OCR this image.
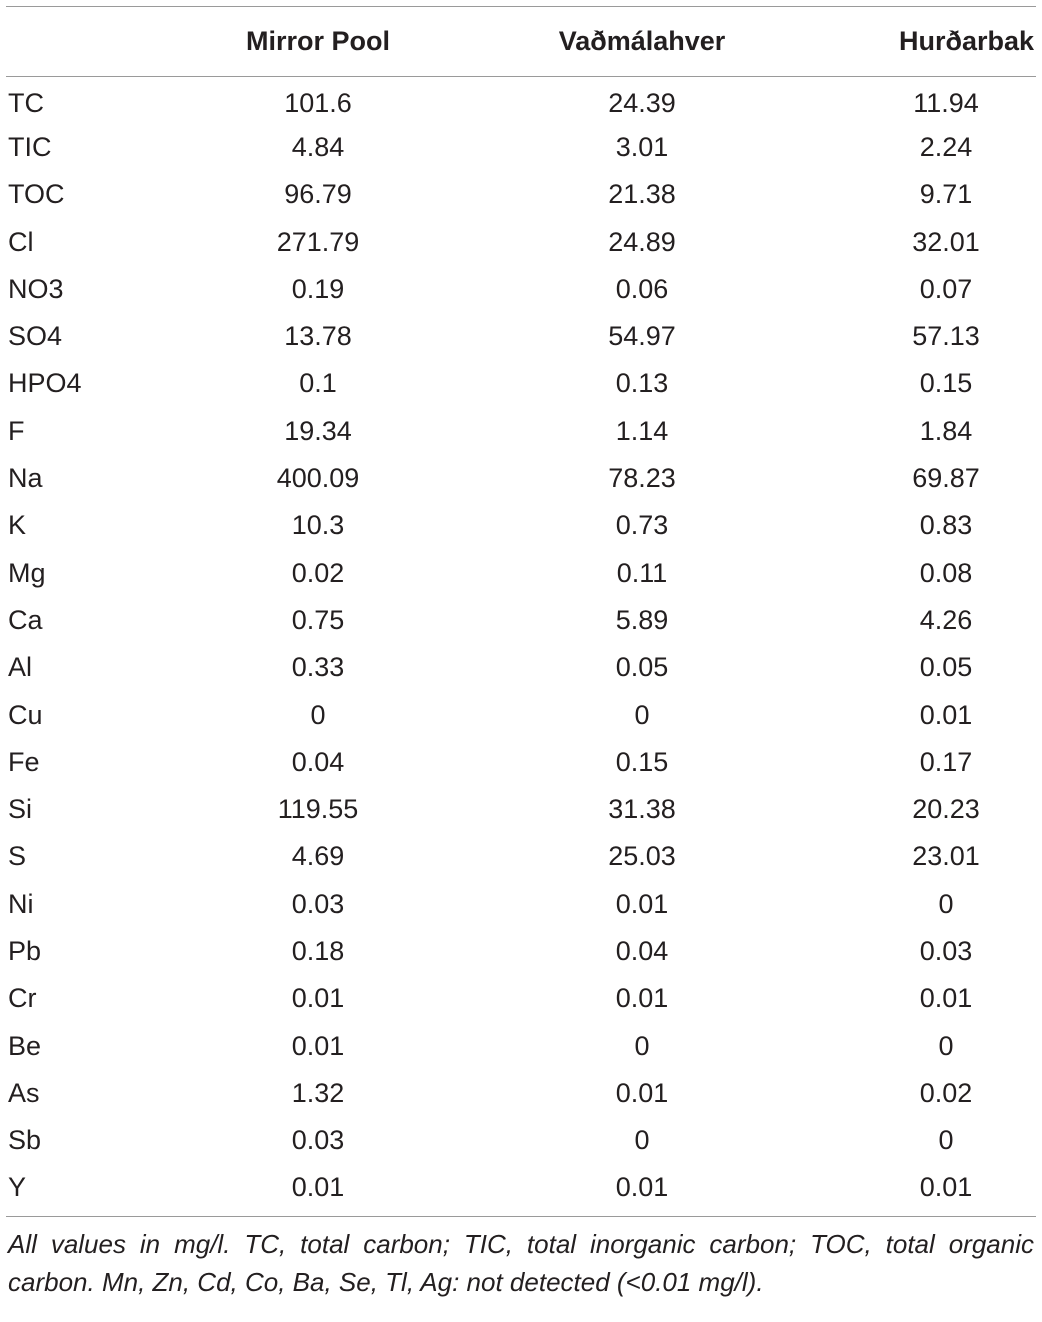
	Mirror Pool	Vaðmálahver	Hurðarbak
TC	101.6	24.39	11.94
TIC	4.84	3.01	2.24
TOC	96.79	21.38	9.71
Cl	271.79	24.89	32.01
NO3	0.19	0.06	0.07
SO4	13.78	54.97	57.13
HPO4	0.1	0.13	0.15
F	19.34	1.14	1.84
Na	400.09	78.23	69.87
K	10.3	0.73	0.83
Mg	0.02	0.11	0.08
Ca	0.75	5.89	4.26
Al	0.33	0.05	0.05
Cu	0	0	0.01
Fe	0.04	0.15	0.17
Si	119.55	31.38	20.23
S	4.69	25.03	23.01
Ni	0.03	0.01	0
Pb	0.18	0.04	0.03
Cr	0.01	0.01	0.01
Be	0.01	0	0
As	1.32	0.01	0.02
Sb	0.03	0	0
Y	0.01	0.01	0.01
All values in mg/l. TC, total carbon; TIC, total inorganic carbon; TOC, total organic carbon. Mn, Zn, Cd, Co, Ba, Se, Tl, Ag: not detected (<0.01 mg/l).			
